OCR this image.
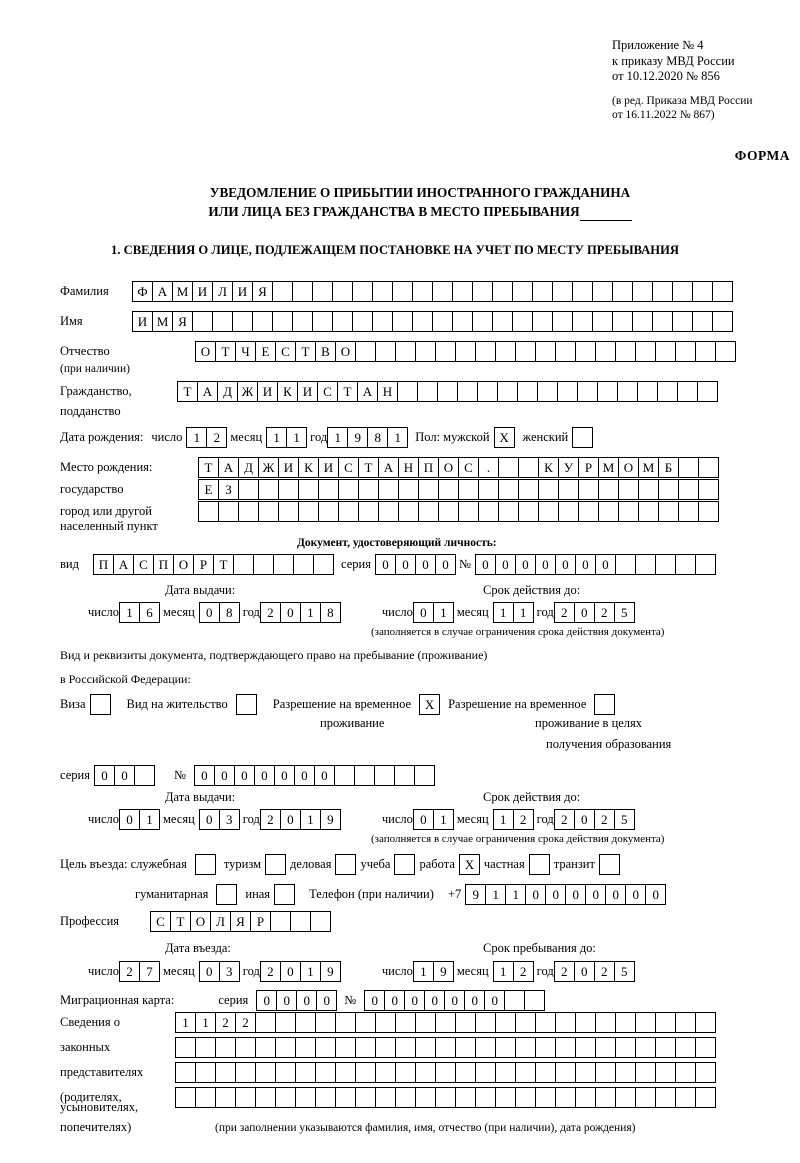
Приложение № 4
к приказу МВД России
от 10.12.2020 № 856
(в ред. Приказа МВД России
от 16.11.2022 № 867)
ФОРМА
УВЕДОМЛЕНИЕ О ПРИБЫТИИ ИНОСТРАННОГО ГРАЖДАНИНА
ИЛИ ЛИЦА БЕЗ ГРАЖДАНСТВА В МЕСТО ПРЕБЫВАНИЯ
1. СВЕДЕНИЯ О ЛИЦЕ, ПОДЛЕЖАЩЕМ ПОСТАНОВКЕ НА УЧЕТ ПО МЕСТУ ПРЕБЫВАНИЯ
Фамилия	Ф А М И Л И Я
Имя	И М Я
Отчество	О Т Ч Е С Т В О
(при наличии)
Гражданство,	Т А Д Ж И К И С Т А Н
подданство
Дата рождения: число 1	2 месяц 1	1 год 1	9	8	1	Пол: мужской Х	женский
Место рождения:	Т А Д Ж И К И С Т А Н П О С	.	К У Р М О М Б
государство	Е З
город или другой
населенный пункт
Документ, удостоверяющий личность:
вид	П А С П О Р Т	серия 0	0	0	0 № 0	0	0	0	0	0	0
Дата выдачи:	Срок действия до:
число 1	6 месяц 0	8 год 2	0	1	8	число 0	1 месяц 1	1 год 2	0	2	5
(заполняется в случае ограничения срока действия документа)
Вид и реквизиты документа, подтверждающего право на пребывание (проживание)
в Российской Федерации:
Виза	Вид на жительство	Разрешение на временное	Х	Разрешение на временное
проживание	проживание в целях
получения образования
серия 0	0	№	0	0	0	0	0	0	0
Дата выдачи:	Срок действия до:
число 0	1 месяц 0	3 год 2	0	1	9	число 0	1 месяц 1	2 год 2	0	2	5
(заполняется в случае ограничения срока действия документа)
Цель въезда: служебная	туризм деловая учеба работа Х частная транзит
гуманитарная	иная	Телефон (при наличии) +7 9	1	1	0	0	0	0	0	0	0
Профессия	С Т О Л Я Р
Дата въезда:	Срок пребывания до:
число 2	7 месяц 0	3 год 2	0	1	9	число 1	9 месяц 1	2 год 2	0	2	5
Миграционная карта:	серия	0	0	0	0	№	0	0	0	0	0	0	0
Сведения о	1	1	2	2
законных
представителях
(родителях,
усыновителях,
попечителях)	(при заполнении указываются фамилия, имя, отчество (при наличии), дата рождения)
